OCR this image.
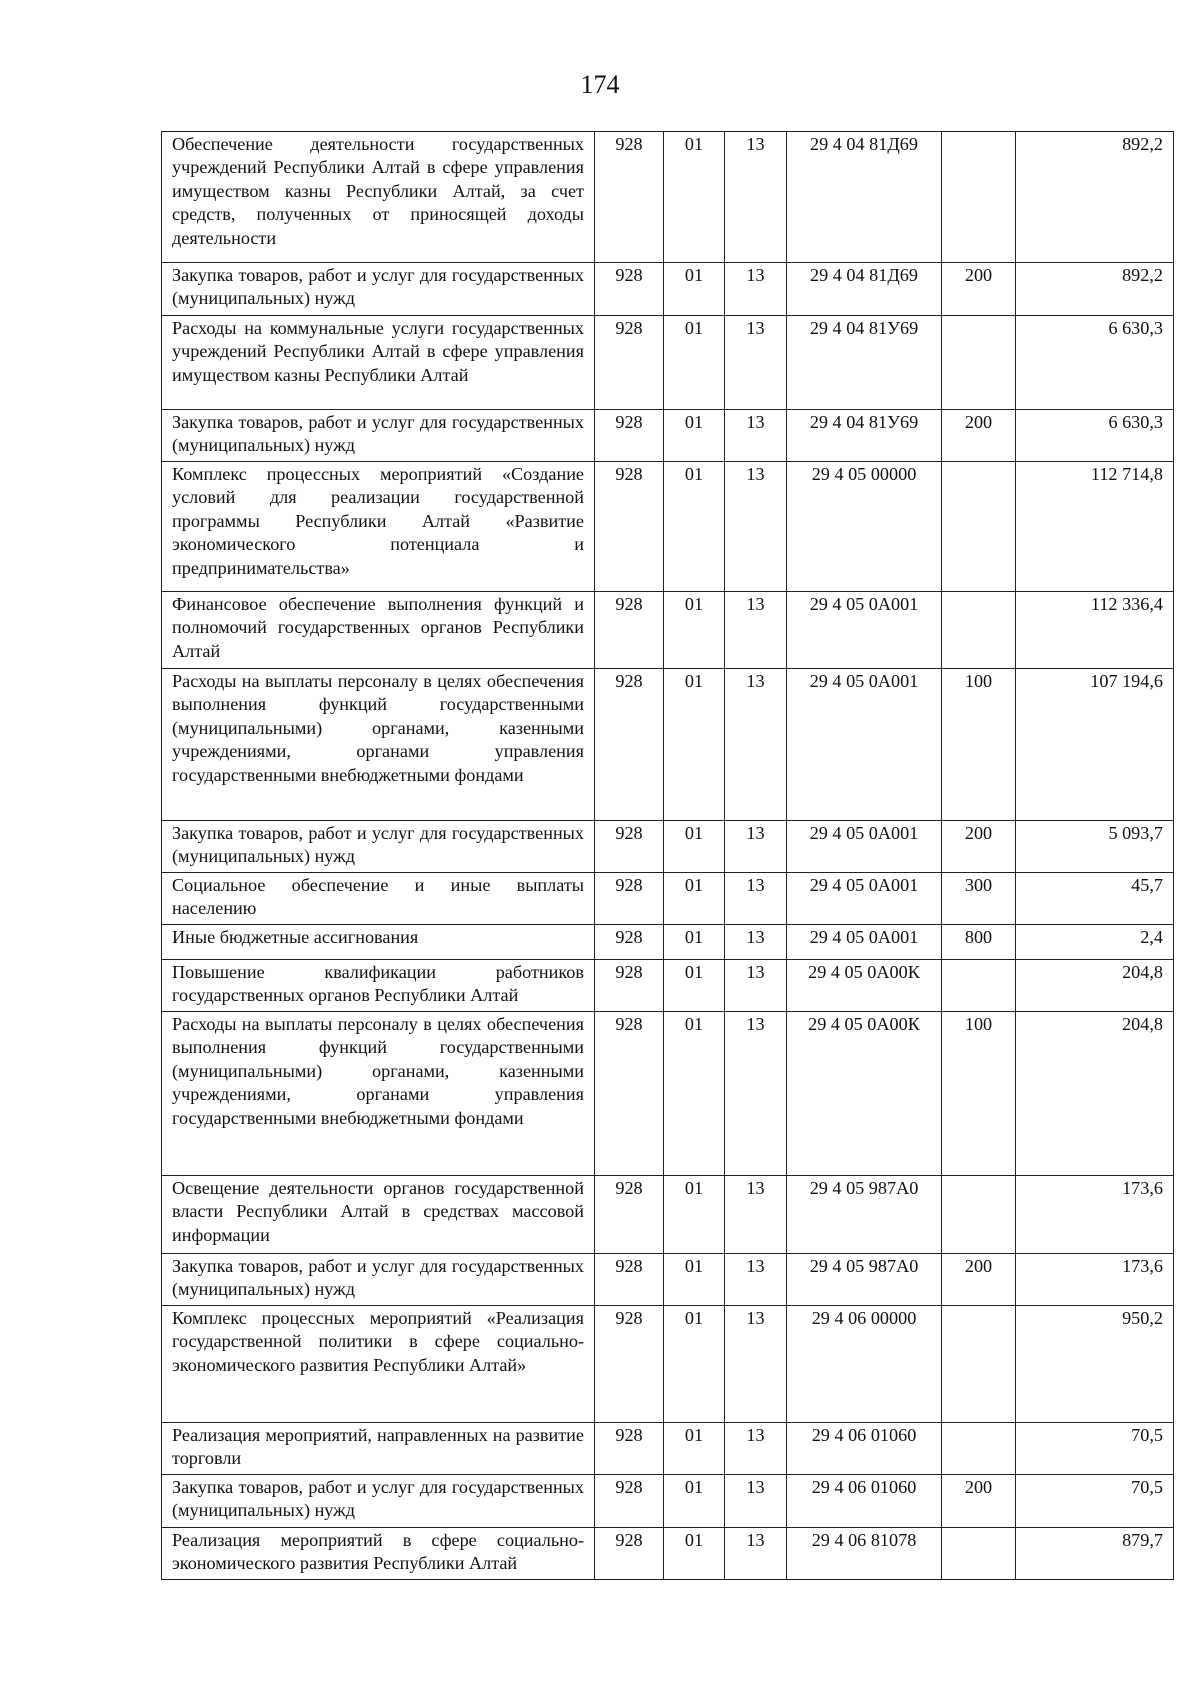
174
Обеспечение деятельности государственных учреждений Республики Алтай в сфере управления имуществом казны Республики Алтай, за счет средств, полученных от приносящей доходы деятельности	928	01	13	29 4 04 81Д69		892,2
Закупка товаров, работ и услуг для государственных (муниципальных) нужд	928	01	13	29 4 04 81Д69	200	892,2
Расходы на коммунальные услуги государственных учреждений Республики Алтай в сфере управления имуществом казны Республики Алтай	928	01	13	29 4 04 81У69		6 630,3
Закупка товаров, работ и услуг для государственных (муниципальных) нужд	928	01	13	29 4 04 81У69	200	6 630,3
Комплекс процессных мероприятий «Создание условий для реализации государственной программы Республики Алтай «Развитие экономического потенциала и предпринимательства»	928	01	13	29 4 05 00000		112 714,8
Финансовое обеспечение выполнения функций и полномочий государственных органов Республики Алтай	928	01	13	29 4 05 0А001		112 336,4
Расходы на выплаты персоналу в целях обеспечения выполнения функций государственными (муниципальными) органами, казенными учреждениями, органами управления государственными внебюджетными фондами	928	01	13	29 4 05 0А001	100	107 194,6
Закупка товаров, работ и услуг для государственных (муниципальных) нужд	928	01	13	29 4 05 0А001	200	5 093,7
Социальное обеспечение и иные выплаты населению	928	01	13	29 4 05 0А001	300	45,7
Иные бюджетные ассигнования	928	01	13	29 4 05 0А001	800	2,4
Повышение квалификации работников государственных органов Республики Алтай	928	01	13	29 4 05 0А00К		204,8
Расходы на выплаты персоналу в целях обеспечения выполнения функций государственными (муниципальными) органами, казенными учреждениями, органами управления государственными внебюджетными фондами	928	01	13	29 4 05 0А00К	100	204,8
Освещение деятельности органов государственной власти Республики Алтай в средствах массовой информации	928	01	13	29 4 05 987А0		173,6
Закупка товаров, работ и услуг для государственных (муниципальных) нужд	928	01	13	29 4 05 987А0	200	173,6
Комплекс процессных мероприятий «Реализация государственной политики в сфере социально-экономического развития Республики Алтай»	928	01	13	29 4 06 00000		950,2
Реализация мероприятий, направленных на развитие торговли	928	01	13	29 4 06 01060		70,5
Закупка товаров, работ и услуг для государственных (муниципальных) нужд	928	01	13	29 4 06 01060	200	70,5
Реализация мероприятий в сфере социально-экономического развития Республики Алтай	928	01	13	29 4 06 81078		879,7
